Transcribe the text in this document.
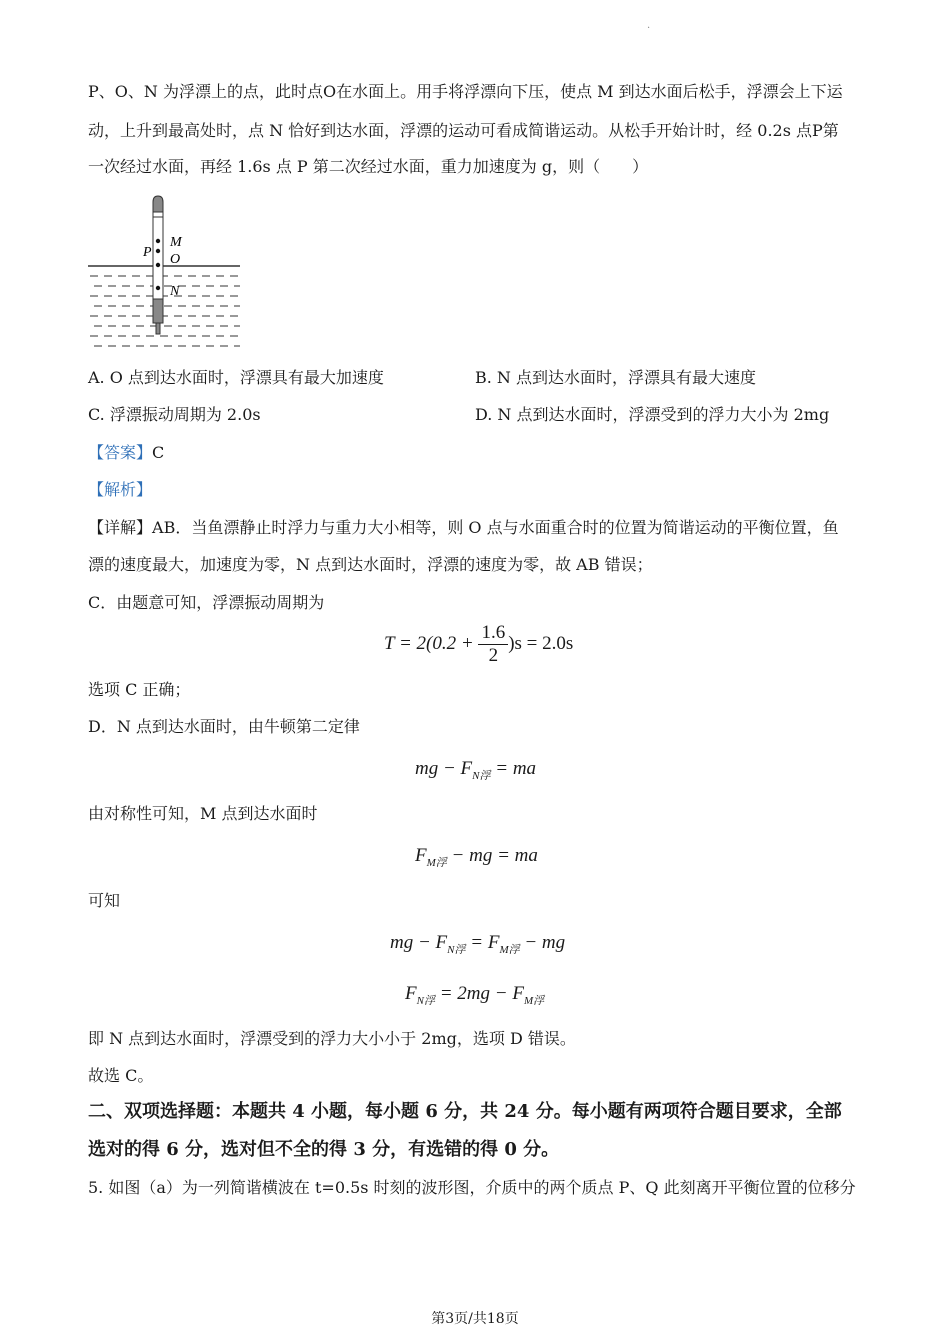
.
P、O、N 为浮漂上的点，此时点O在水面上。用手将浮漂向下压，使点 M 到达水面后松手，浮漂会上下运
动，上升到最高处时，点 N 恰好到达水面，浮漂的运动可看成简谐运动。从松手开始计时，经 0.2s 点P第
一次经过水面，再经 1.6s 点 P 第二次经过水面，重力加速度为 g，则（　　）
P
M
O
N
A. O 点到达水面时，浮漂具有最大加速度	B. N 点到达水面时，浮漂具有最大速度
C. 浮漂振动周期为 2.0s	D. N 点到达水面时，浮漂受到的浮力大小为 2mg
【答案】C
【解析】
【详解】AB．当鱼漂静止时浮力与重力大小相等，则 O 点与水面重合时的位置为简谐运动的平衡位置，鱼
漂的速度最大，加速度为零，N 点到达水面时，浮漂的速度为零，故 AB 错误；
C．由题意可知，浮漂振动周期为
$T = 2(0.2 + \frac{1.6}{2} )s = 2.0s$
选项 C 正确；
D．N 点到达水面时，由牛顿第二定律
mg − $F_{N浮}$ = ma
由对称性可知，M 点到达水面时
$F_{M浮}$ − mg = ma
可知
mg − $F_{N浮} = F_{M浮}$ − mg
$F_{N浮} = 2mg - F_{M浮}$
即 N 点到达水面时，浮漂受到的浮力大小小于 2mg，选项 D 错误。
故选 C。
二、双项选择题：本题共 4 小题，每小题 6 分，共 24 分。每小题有两项符合题目要求，全部
选对的得 6 分，选对但不全的得 3 分，有选错的得 0 分。
5. 如图（a）为一列简谐横波在 t=0.5s 时刻的波形图，介质中的两个质点 P、Q 此刻离开平衡位置的位移分
第3页/共18页
